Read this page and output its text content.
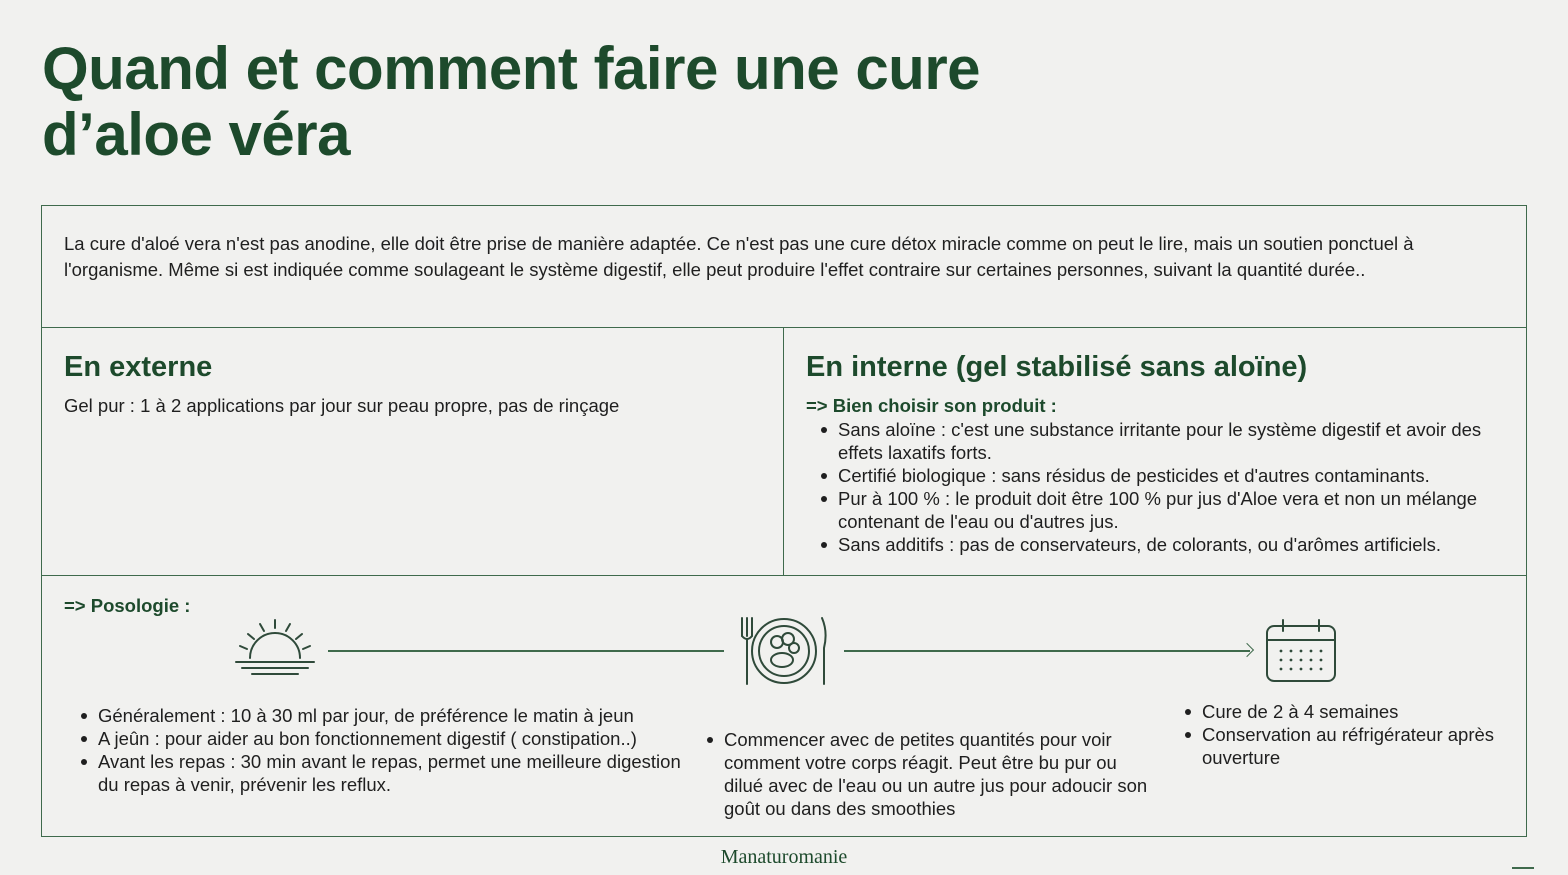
Quand et comment faire une cure
d’aloe véra
La cure d'aloé vera n'est pas anodine, elle doit être prise de manière adaptée. Ce n'est pas une cure détox miracle comme on peut le lire, mais un soutien ponctuel à l'organisme. Même si est indiquée comme soulageant le système digestif, elle peut produire l'effet contraire sur certaines personnes, suivant la quantité durée..
En externe
Gel pur : 1 à 2 applications par jour sur peau propre, pas de rinçage
En interne (gel stabilisé sans aloïne)
=> Bien choisir son produit :
Sans aloïne : c'est une substance irritante pour le système digestif et avoir des effets laxatifs forts.
Certifié biologique : sans résidus de pesticides et d'autres contaminants.
Pur à 100 % : le produit doit être 100 % pur jus d'Aloe vera et non un mélange contenant de l'eau ou d'autres jus.
Sans additifs : pas de conservateurs, de colorants, ou d'arômes artificiels.
=> Posologie :
Généralement : 10 à 30 ml par jour, de préférence le matin à jeun
A jeûn : pour aider au bon fonctionnement digestif ( constipation..)
Avant les repas : 30 min avant le repas, permet une meilleure digestion du repas à venir, prévenir les reflux.
Commencer avec de petites quantités pour voir comment votre corps réagit. Peut être bu pur ou dilué avec de l'eau ou un autre jus pour adoucir son goût ou dans des smoothies
Cure de 2 à 4 semaines
Conservation au réfrigérateur après ouverture
Manaturomanie
